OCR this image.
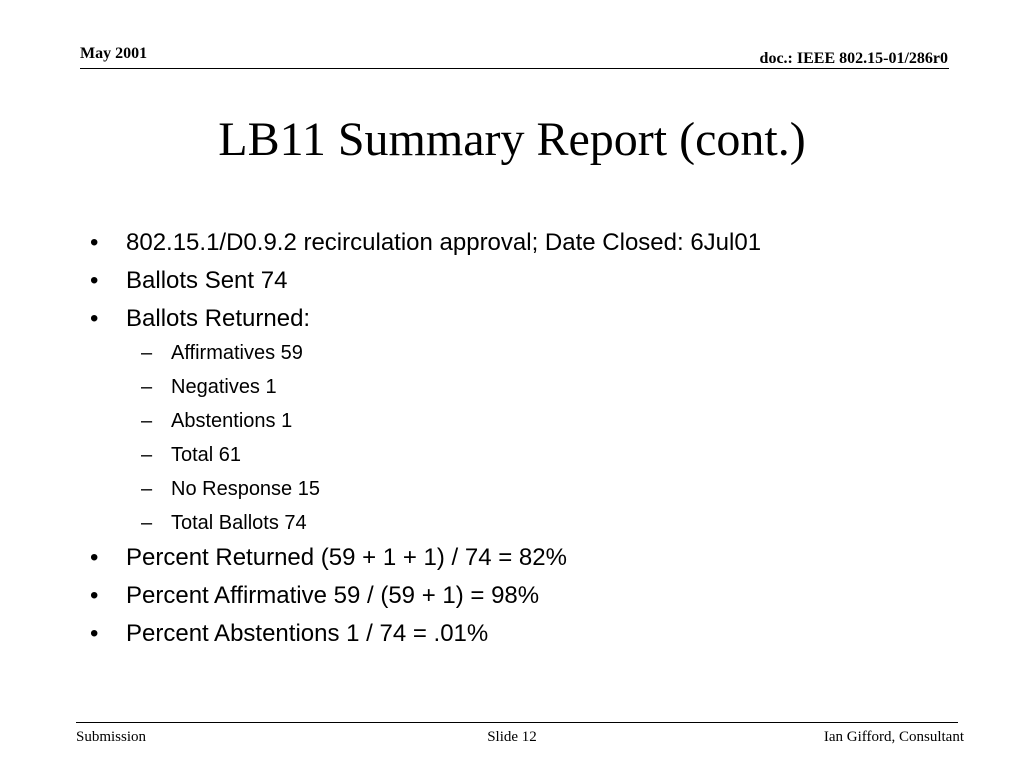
May 2001	doc.: IEEE 802.15-01/286r0
LB11 Summary Report (cont.)
• 802.15.1/D0.9.2 recirculation approval; Date Closed: 6Jul01
• Ballots Sent 74
• Ballots Returned:
– Affirmatives 59
– Negatives 1
– Abstentions 1
– Total 61
– No Response 15
– Total Ballots 74
• Percent Returned (59 + 1 + 1) / 74 = 82%
• Percent Affirmative 59 / (59 + 1) = 98%
• Percent Abstentions 1 / 74 = .01%
Submission	Slide 12	Ian Gifford, Consultant
